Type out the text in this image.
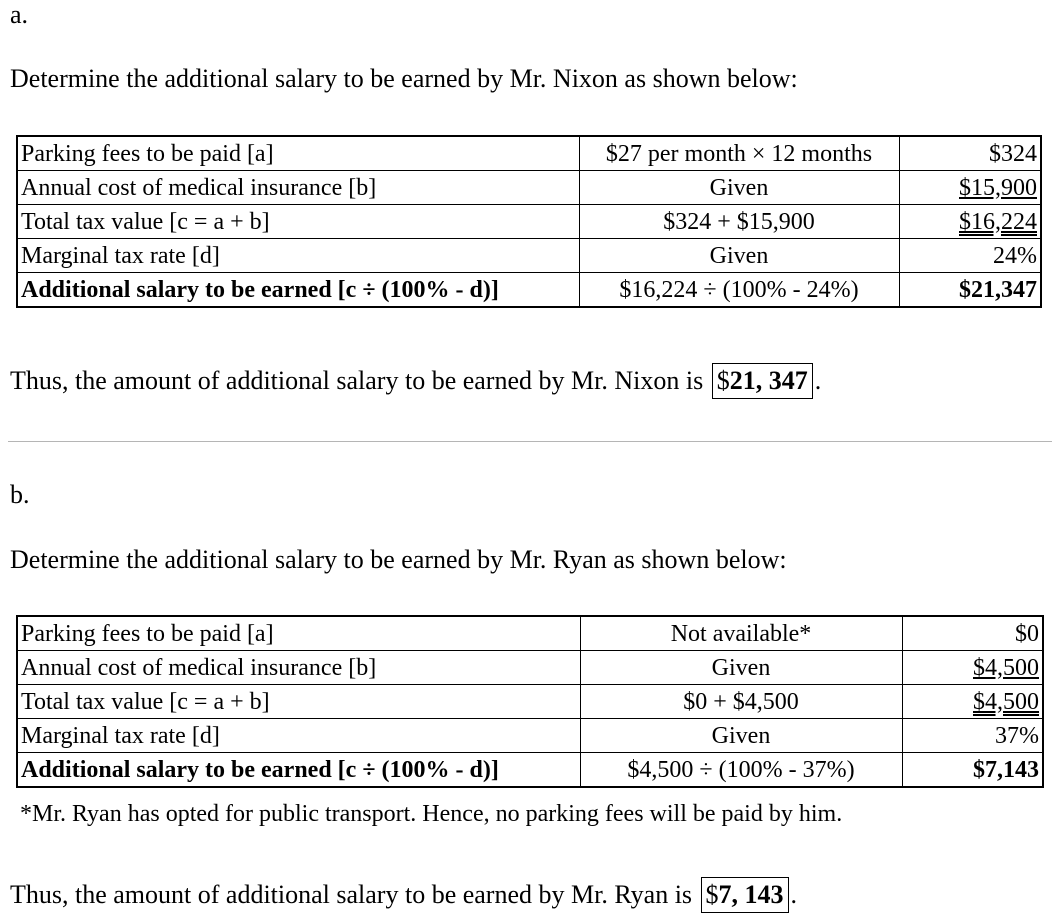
a.
Determine the additional salary to be earned by Mr. Nixon as shown below:
Parking fees to be paid [a]	$27 per month × 12 months	$324
Annual cost of medical insurance [b]	Given	$15,900
Total tax value [c = a + b]	$324 + $15,900	$16,224
Marginal tax rate [d]	Given	24%
Additional salary to be earned [c ÷ (100% - d)]	$16,224 ÷ (100% - 24%)	$21,347
Thus, the amount of additional salary to be earned by Mr. Nixon is $21, 347 .
b.
Determine the additional salary to be earned by Mr. Ryan as shown below:
Parking fees to be paid [a]	Not available*	$0
Annual cost of medical insurance [b]	Given	$4,500
Total tax value [c = a + b]	$0 + $4,500	$4,500
Marginal tax rate [d]	Given	37%
Additional salary to be earned [c ÷ (100% - d)]	$4,500 ÷ (100% - 37%)	$7,143
*Mr. Ryan has opted for public transport. Hence, no parking fees will be paid by him.
Thus, the amount of additional salary to be earned by Mr. Ryan is $7, 143 .
